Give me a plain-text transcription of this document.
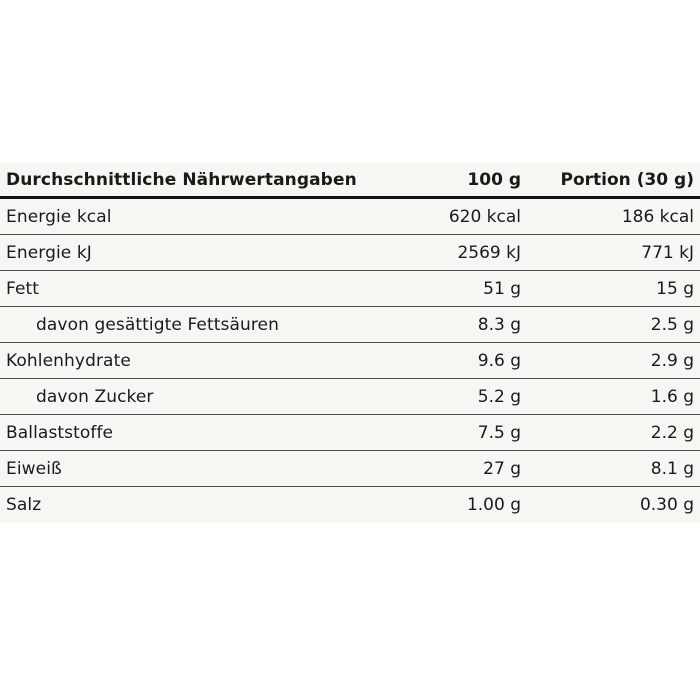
Durchschnittliche Nährwertangaben	100 g	Portion (30 g)
Energie kcal	620 kcal	186 kcal
Energie kJ	2569 kJ	771 kJ
Fett	51 g	15 g
davon gesättigte Fettsäuren	8.3 g	2.5 g
Kohlenhydrate	9.6 g	2.9 g
davon Zucker	5.2 g	1.6 g
Ballaststoffe	7.5 g	2.2 g
Eiweiß	27 g	8.1 g
Salz	1.00 g	0.30 g
